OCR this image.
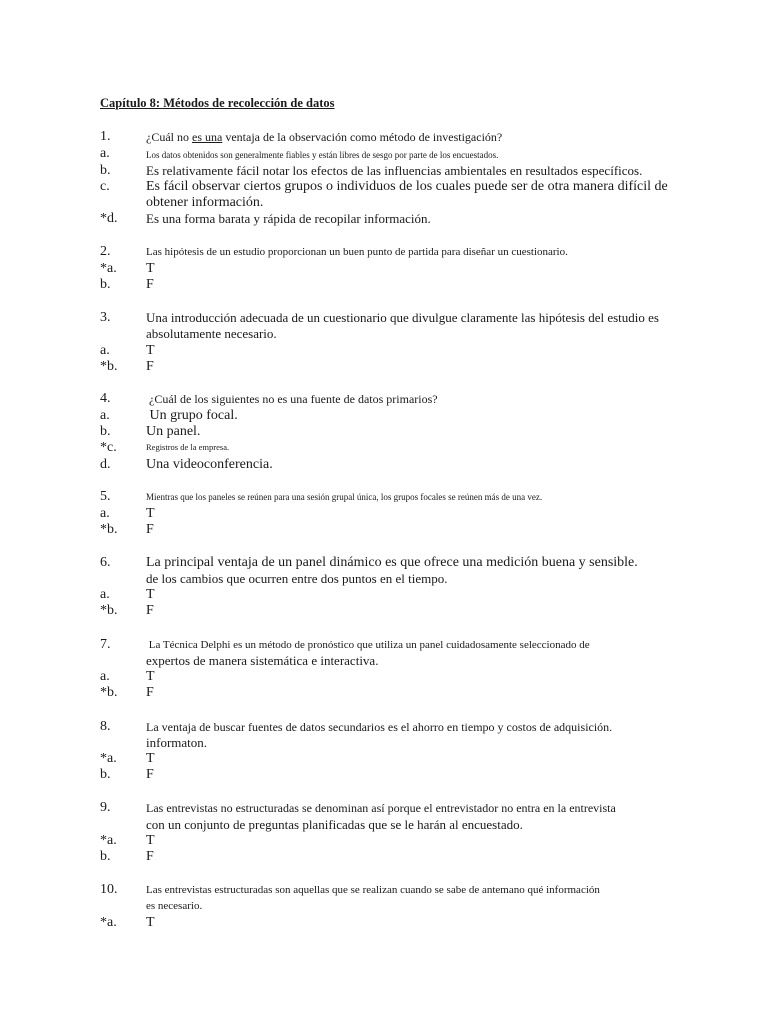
Capítulo 8: Métodos de recolección de datos
1.	¿Cuál no es una ventaja de la observación como método de investigación?
a.	Los datos obtenidos son generalmente fiables y están libres de sesgo por parte de los encuestados.
b.	Es relativamente fácil notar los efectos de las influencias ambientales en resultados específicos.
c.	Es fácil observar ciertos grupos o individuos de los cuales puede ser de otra manera difícil de
obtener información.
*d. Es una forma barata y rápida de recopilar información.
2.	Las hipótesis de un estudio proporcionan un buen punto de partida para diseñar un cuestionario.
*a. T
b.	F
3.	Una introducción adecuada de un cuestionario que divulgue claramente las hipótesis del estudio es
absolutamente necesario.
a.	T
*b. F
4.	¿Cuál de los siguientes no es una fuente de datos primarios?
a.	Un grupo focal.
b.	Un panel.
*c.	Registros de la empresa.
d.	Una videoconferencia.
5.	Mientras que los paneles se reúnen para una sesión grupal única, los grupos focales se reúnen más de una vez.
a.	T
*b. F
6.	La principal ventaja de un panel dinámico es que ofrece una medición buena y sensible.
de los cambios que ocurren entre dos puntos en el tiempo.
a.	T
*b. F
7.	La Técnica Delphi es un método de pronóstico que utiliza un panel cuidadosamente seleccionado de
expertos de manera sistemática e interactiva.
a.	T
*b. F
8.	La ventaja de buscar fuentes de datos secundarios es el ahorro en tiempo y costos de adquisición.
informaton.
*a. T
b.	F
9.	Las entrevistas no estructuradas se denominan así porque el entrevistador no entra en la entrevista
con un conjunto de preguntas planificadas que se le harán al encuestado.
*a. T
b.	F
10.	Las entrevistas estructuradas son aquellas que se realizan cuando se sabe de antemano qué información
es necesario.
*a. T
